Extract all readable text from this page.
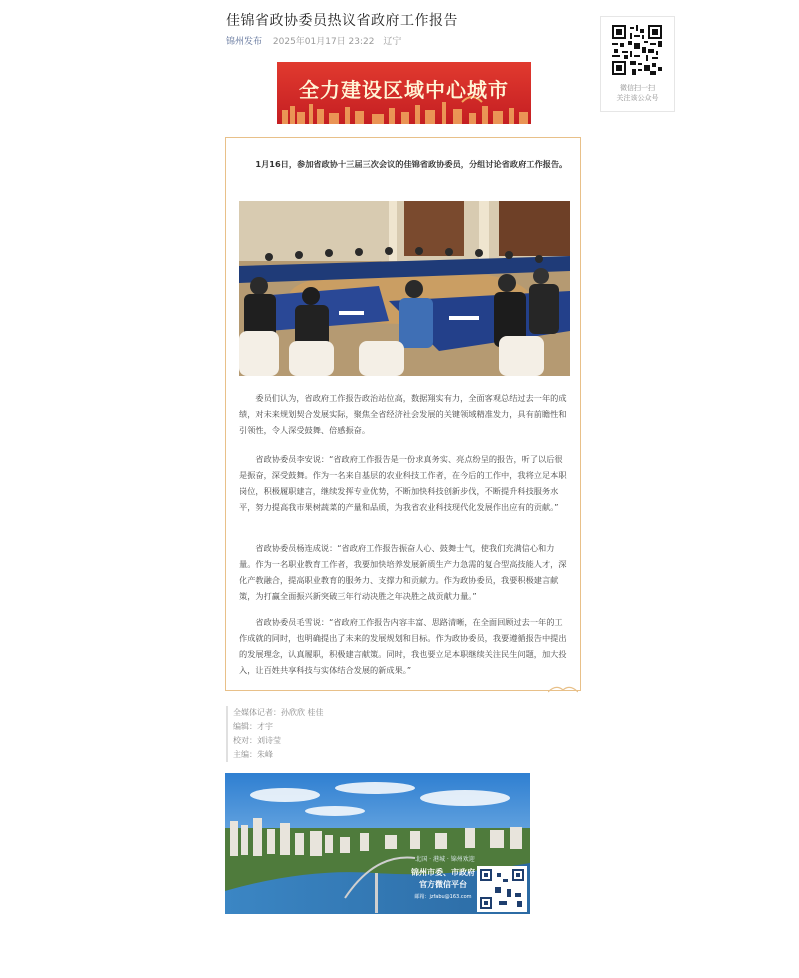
佳锦省政协委员热议省政府工作报告
锦州发布 2025年01月17日 23:22 辽宁
微信扫一扫
关注该公众号
全力建设区域中心城市

1月16日，参加省政协十三届三次会议的佳锦省政协委员，分组讨论省政府工作报告。

委员们认为，省政府工作报告政治站位高，数据翔实有力，全面客观总结过去一年的成绩，对未来规划契合发展实际，聚焦全省经济社会发展的关键领域精准发力，具有前瞻性和引领性，令人深受鼓舞、倍感振奋。

省政协委员李安说：“省政府工作报告是一份求真务实、亮点纷呈的报告，听了以后很是振奋，深受鼓舞。作为一名来自基层的农业科技工作者，在今后的工作中，我将立足本职岗位，积极履职建言，继续发挥专业优势，不断加快科技创新步伐，不断提升科技服务水平，努力提高我市果树蔬菜的产量和品质，为我省农业科技现代化发展作出应有的贡献。”

省政协委员杨连成说：“省政府工作报告振奋人心、鼓舞士气，使我们充满信心和力量。作为一名职业教育工作者，我要加快培养发展新质生产力急需的复合型高技能人才，深化产教融合，提高职业教育的服务力、支撑力和贡献力。作为政协委员，我要积极建言献策，为打赢全面振兴新突破三年行动决胜之年决胜之战贡献力量。”

省政协委员毛雪说：“省政府工作报告内容丰富、思路清晰，在全面回顾过去一年的工作成就的同时，也明确提出了未来的发展规划和目标。作为政协委员，我要遵循报告中提出的发展理念，认真履职，积极建言献策。同时，我也要立足本职继续关注民生问题，加大投入，让百姓共享科技与实体结合发展的新成果。”

全媒体记者：孙欣欣 桂佳
编辑：才宇
校对：刘诗莹
主编：朱峰
北国 · 港城 · 锦州欢迎
锦州市委、市政府
官方微信平台
邮箱：jzfabu@163.com
